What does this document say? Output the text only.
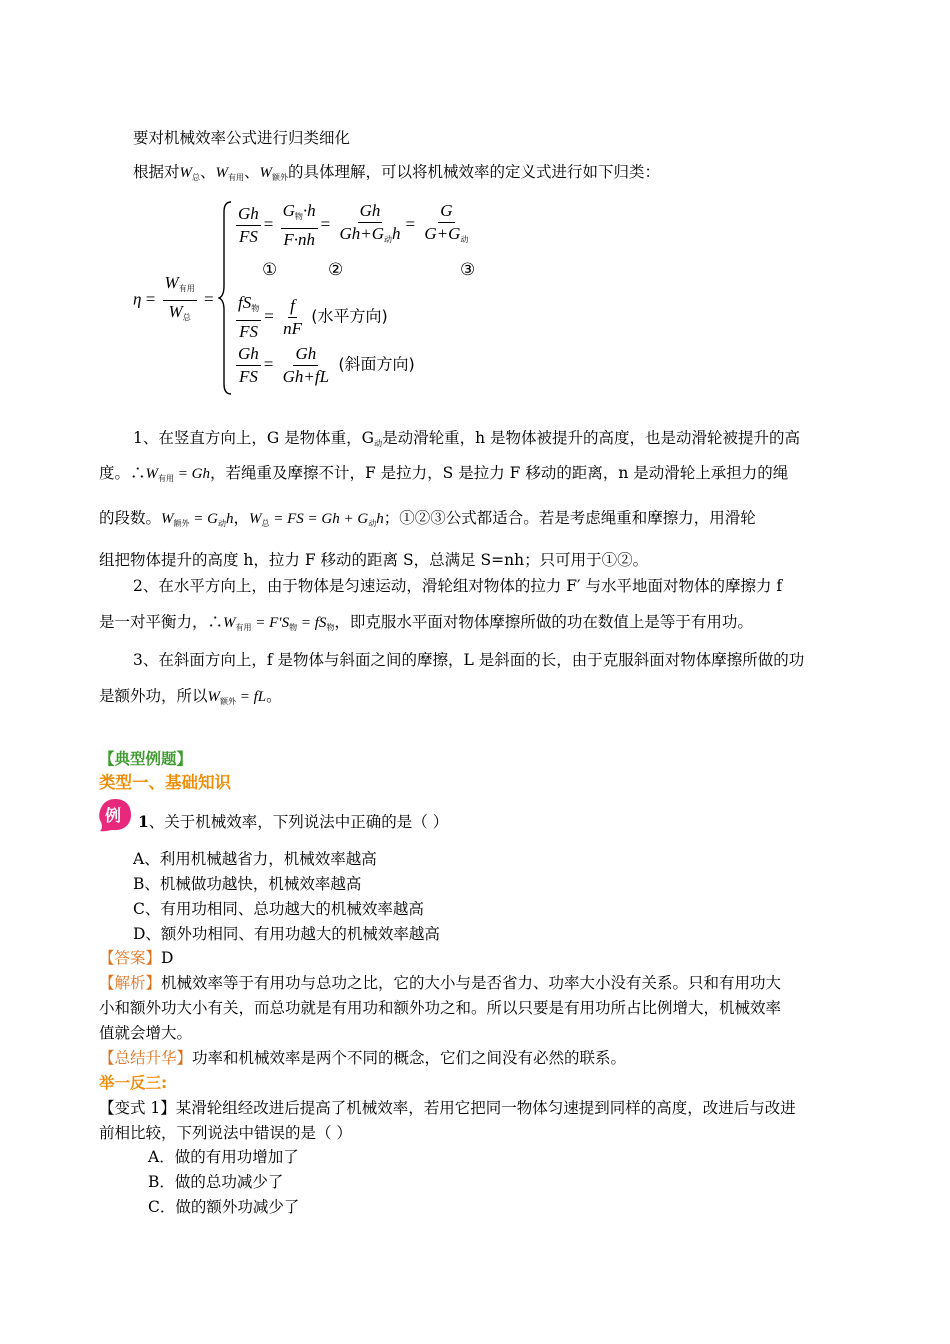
要对机械效率公式进行归类细化
根据对$W_总$、$W_{有用}$、$W_{额外}$的具体理解，可以将机械效率的定义式进行如下归类：
$\eta = \frac{W_{有用}}{W_总}$ =
$\frac{Gh}{FS} = \frac{G_物\cdot h}{F\cdot nh} = \frac{Gh}{Gh+G_动h} = \frac{G}{G+G_动}$
①	②	③
$\frac{fS_物}{FS} = \frac{f}{nF}$ (水平方向)
$\frac{Gh}{FS} = \frac{Gh}{Gh+fL}$ (斜面方向)
1、在竖直方向上，G 是物体重，$G_动$是动滑轮重，h 是物体被提升的高度，也是动滑轮被提升的高
度。$\therefore W_{有用} = Gh$，若绳重及摩擦不计，F 是拉力，S 是拉力 F 移动的距离，n 是动滑轮上承担力的绳
的段数。$W_{额外} = G_动h$，$W_总$ = FS = $Gh + G_动h$；①②③公式都适合。若是考虑绳重和摩擦力，用滑轮
组把物体提升的高度 h，拉力 F 移动的距离 S，总满足 S=nh；只可用于①②。
2、在水平方向上，由于物体是匀速运动，滑轮组对物体的拉力 F′ 与水平地面对物体的摩擦力 f
是一对平衡力，$\therefore W_{有用} = F'S_物 = fS_物$，即克服水平面对物体摩擦所做的功在数值上是等于有用功。
3、在斜面方向上，f 是物体与斜面之间的摩擦，L 是斜面的长，由于克服斜面对物体摩擦所做的功
是额外功，所以$W_{额外}$ = fL。
【典型例题】
类型一、基础知识
例 1、关于机械效率，下列说法中正确的是（ ）
A、利用机械越省力，机械效率越高
B、机械做功越快，机械效率越高
C、有用功相同、总功越大的机械效率越高
D、额外功相同、有用功越大的机械效率越高
【答案】D
【解析】机械效率等于有用功与总功之比，它的大小与是否省力、功率大小没有关系。只和有用功大
小和额外功大小有关，而总功就是有用功和额外功之和。所以只要是有用功所占比例增大，机械效率
值就会增大。
【总结升华】功率和机械效率是两个不同的概念，它们之间没有必然的联系。
举一反三:
【变式 1】某滑轮组经改进后提高了机械效率，若用它把同一物体匀速提到同样的高度，改进后与改进
前相比较，下列说法中错误的是（ ）
A．做的有用功增加了
B．做的总功减少了
C．做的额外功减少了
